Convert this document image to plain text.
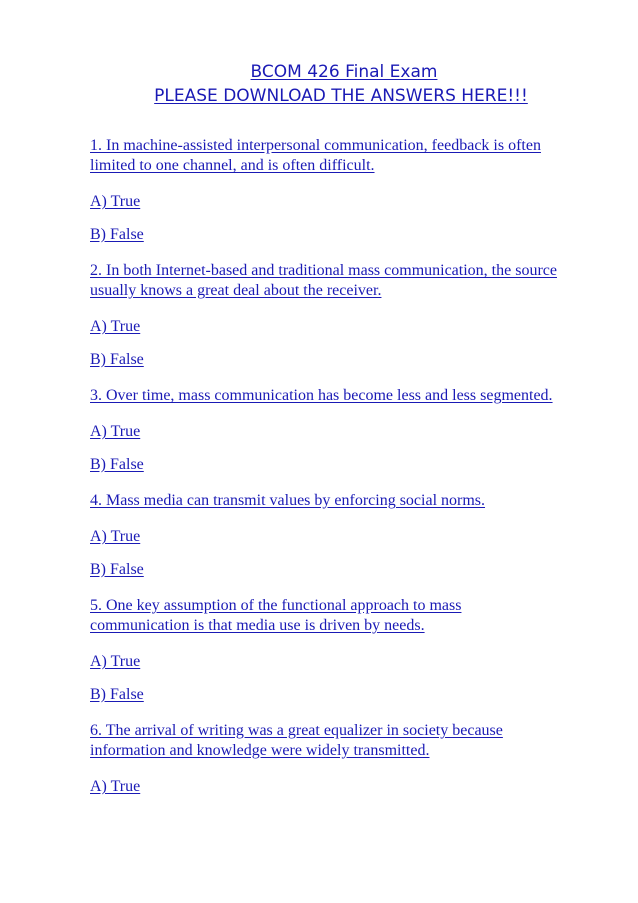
BCOM 426 Final Exam
PLEASE DOWNLOAD THE ANSWERS HERE!!!

1. In machine-assisted interpersonal communication, feedback is often limited to one channel, and is often difficult.

A) True

B) False

2. In both Internet-based and traditional mass communication, the source usually knows a great deal about the receiver.

A) True

B) False

3. Over time, mass communication has become less and less segmented.

A) True

B) False

4. Mass media can transmit values by enforcing social norms.

A) True

B) False

5. One key assumption of the functional approach to mass communication is that media use is driven by needs.

A) True

B) False

6. The arrival of writing was a great equalizer in society because information and knowledge were widely transmitted.

A) True
